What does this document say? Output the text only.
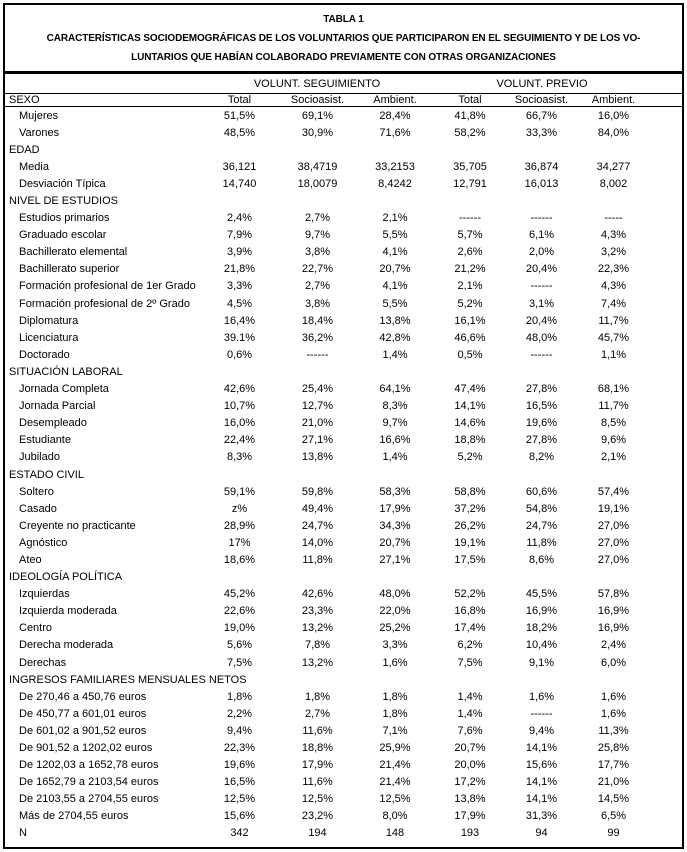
TABLA 1
CARACTERÍSTICAS SOCIODEMOGRÁFICAS DE LOS VOLUNTARIOS QUE PARTICIPARON EN EL SEGUIMIENTO Y DE LOS VO-
LUNTARIOS QUE HABÍAN COLABORADO PREVIAMENTE CON OTRAS ORGANIZACIONES
	VOLUNT. SEGUIMIENTO			VOLUNT. PREVIO			
SEXO	Total	Socioasist.	Ambient.	Total	Socioasist.	Ambient.	
Mujeres	51,5%	69,1%	28,4%	41,8%	66,7%	16,0%	
Varones	48,5%	30,9%	71,6%	58,2%	33,3%	84,0%	
EDAD							
Media	36,121	38,4719	33,2153	35,705	36,874	34,277	
Desviación Típica	14,740	18,0079	8,4242	12,791	16,013	8,002	
NIVEL DE ESTUDIOS							
Estudios primarios	2,4%	2,7%	2,1%	------	------	-----	
Graduado escolar	7,9%	9,7%	5,5%	5,7%	6,1%	4,3%	
Bachillerato elemental	3,9%	3,8%	4,1%	2,6%	2,0%	3,2%	
Bachillerato superior	21,8%	22,7%	20,7%	21,2%	20,4%	22,3%	
Formación profesional de 1er Grado	3,3%	2,7%	4,1%	2,1%	------	4,3%	
Formación profesional de 2º Grado	4,5%	3,8%	5,5%	5,2%	3,1%	7,4%	
Diplomatura	16,4%	18,4%	13,8%	16,1%	20,4%	11,7%	
Licenciatura	39.1%	36,2%	42,8%	46,6%	48,0%	45,7%	
Doctorado	0,6%	------	1,4%	0,5%	------	1,1%	
SITUACIÓN LABORAL							
Jornada Completa	42,6%	25,4%	64,1%	47,4%	27,8%	68,1%	
Jornada Parcial	10,7%	12,7%	8,3%	14,1%	16,5%	11,7%	
Desempleado	16,0%	21,0%	9,7%	14,6%	19,6%	8,5%	
Estudiante	22,4%	27,1%	16,6%	18,8%	27,8%	9,6%	
Jubilado	8,3%	13,8%	1,4%	5,2%	8,2%	2,1%	
ESTADO CIVIL							
Soltero	59,1%	59,8%	58,3%	58,8%	60,6%	57,4%	
Casado	z%	49,4%	17,9%	37,2%	54,8%	19,1%	
Creyente no practicante	28,9%	24,7%	34,3%	26,2%	24,7%	27,0%	
Agnóstico	17%	14,0%	20,7%	19,1%	11,8%	27,0%	
Ateo	18,6%	11,8%	27,1%	17,5%	8,6%	27,0%	
IDEOLOGÍA POLÍTICA							
Izquierdas	45,2%	42,6%	48,0%	52,2%	45,5%	57,8%	
Izquierda moderada	22,6%	23,3%	22,0%	16,8%	16,9%	16,9%	
Centro	19,0%	13,2%	25,2%	17,4%	18,2%	16,9%	
Derecha moderada	5,6%	7,8%	3,3%	6,2%	10,4%	2,4%	
Derechas	7,5%	13,2%	1,6%	7,5%	9,1%	6,0%	
INGRESOS FAMILIARES MENSUALES NETOS							
De 270,46 a 450,76 euros	1,8%	1,8%	1,8%	1,4%	1,6%	1,6%	
De 450,77 a 601,01 euros	2,2%	2,7%	1,8%	1,4%	------	1,6%	
De 601,02 a 901,52 euros	9,4%	11,6%	7,1%	7,6%	9,4%	11,3%	
De 901,52 a 1202,02 euros	22,3%	18,8%	25,9%	20,7%	14,1%	25,8%	
De 1202,03 a 1652,78 euros	19,6%	17,9%	21,4%	20,0%	15,6%	17,7%	
De 1652,79 a 2103,54 euros	16,5%	11,6%	21,4%	17,2%	14,1%	21,0%	
De 2103,55 a 2704,55 euros	12,5%	12,5%	12,5%	13,8%	14,1%	14,5%	
Más de 2704,55 euros	15,6%	23,2%	8,0%	17,9%	31,3%	6,5%	
N	342	194	148	193	94	99	
